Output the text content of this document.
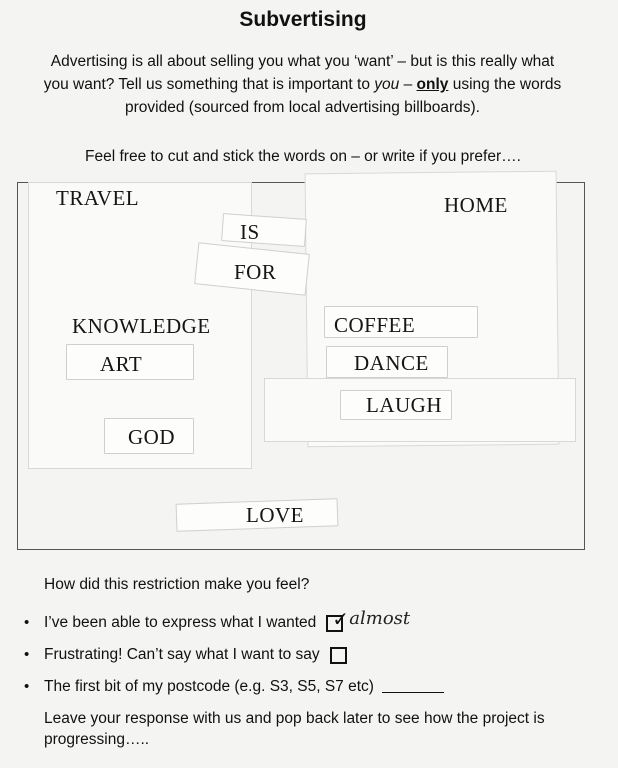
Subvertising
Advertising is all about selling you what you ‘want’ – but is this really what you want? Tell us something that is important to you – only using the words provided (sourced from local advertising billboards).
Feel free to cut and stick the words on – or write if you prefer….
TRAVEL	HOME
IS
FOR
KNOWLEDGE	COFFEE
ART	DANCE
LAUGH
GOD
LOVE
How did this restriction make you feel?
• I’ve been able to express what I wanted ✓ almost
• Frustrating! Can’t say what I want to say
• The first bit of my postcode (e.g. S3, S5, S7 etc)
Leave your response with us and pop back later to see how the project is progressing…..
